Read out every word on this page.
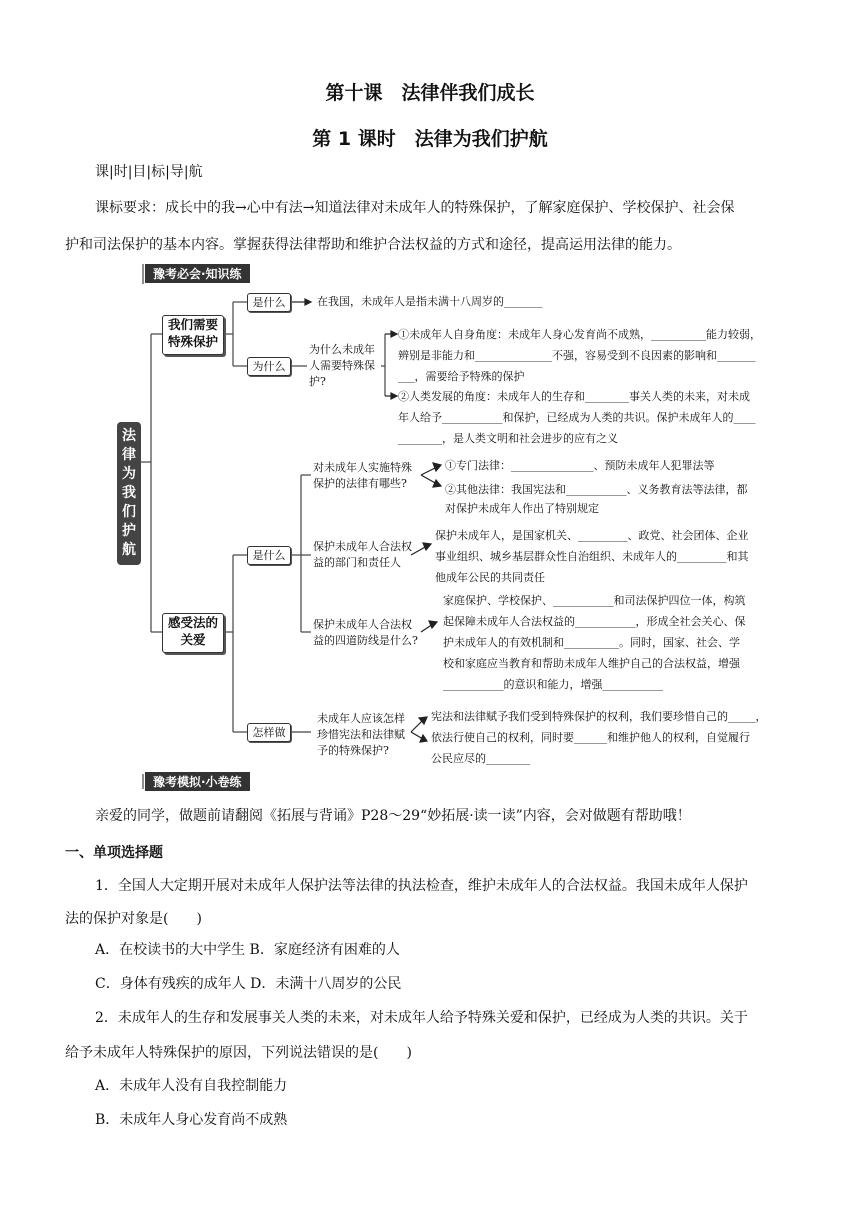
第十课　法律伴我们成长
第 1 课时　法律为我们护航
课|时|目|标|导|航
课标要求：成长中的我→心中有法→知道法律对未成年人的特殊保护，了解家庭保护、学校保护、社会保
护和司法保护的基本内容。掌握获得法律帮助和维护合法权益的方式和途径，提高运用法律的能力。
豫考必会·知识练
豫考模拟·小卷练
法律为我们护航
我们需要特殊保护
感受法的关爱
是什么	在我国，未成年人是指未满十八周岁的_______
为什么
为什么未成年人需要特殊保护?
①未成年人自身角度：未成年人身心发育尚不成熟，__________能力较弱，
辨别是非能力和______________不强，容易受到不良因素的影响和_______
___，需要给予特殊的保护
②人类发展的角度：未成年人的生存和________事关人类的未来，对未成
年人给予___________和保护，已经成为人类的共识。保护未成年人的____
________，是人类文明和社会进步的应有之义
是什么
怎样做
对未成年人实施特殊保护的法律有哪些?
①专门法律：_______________、预防未成年人犯罪法等
②其他法律：我国宪法和___________、义务教育法等法律，都
对保护未成年人作出了特别规定
保护未成年人合法权益的部门和责任人
保护未成年人，是国家机关、_________、政党、社会团体、企业
事业组织、城乡基层群众性自治组织、未成年人的_________和其
他成年公民的共同责任
保护未成年人合法权益的四道防线是什么?
家庭保护、学校保护、___________和司法保护四位一体，构筑
起保障未成年人合法权益的___________，形成全社会关心、保
护未成年人的有效机制和__________。同时，国家、社会、学
校和家庭应当教育和帮助未成年人维护自己的合法权益，增强
___________的意识和能力，增强___________
未成年人应该怎样珍惜宪法和法律赋予的特殊保护?
宪法和法律赋予我们受到特殊保护的权利，我们要珍惜自己的_____，
依法行使自己的权利，同时要______和维护他人的权利，自觉履行
公民应尽的________
亲爱的同学，做题前请翻阅《拓展与背诵》P28～29“妙拓展·读一读”内容，会对做题有帮助哦！
一、单项选择题
1．全国人大定期开展对未成年人保护法等法律的执法检查，维护未成年人的合法权益。我国未成年人保护
法的保护对象是(　　)
A．在校读书的大中学生 B．家庭经济有困难的人
C．身体有残疾的成年人 D．未满十八周岁的公民
2．未成年人的生存和发展事关人类的未来，对未成年人给予特殊关爱和保护，已经成为人类的共识。关于
给予未成年人特殊保护的原因，下列说法错误的是(　　)
A．未成年人没有自我控制能力
B．未成年人身心发育尚不成熟
